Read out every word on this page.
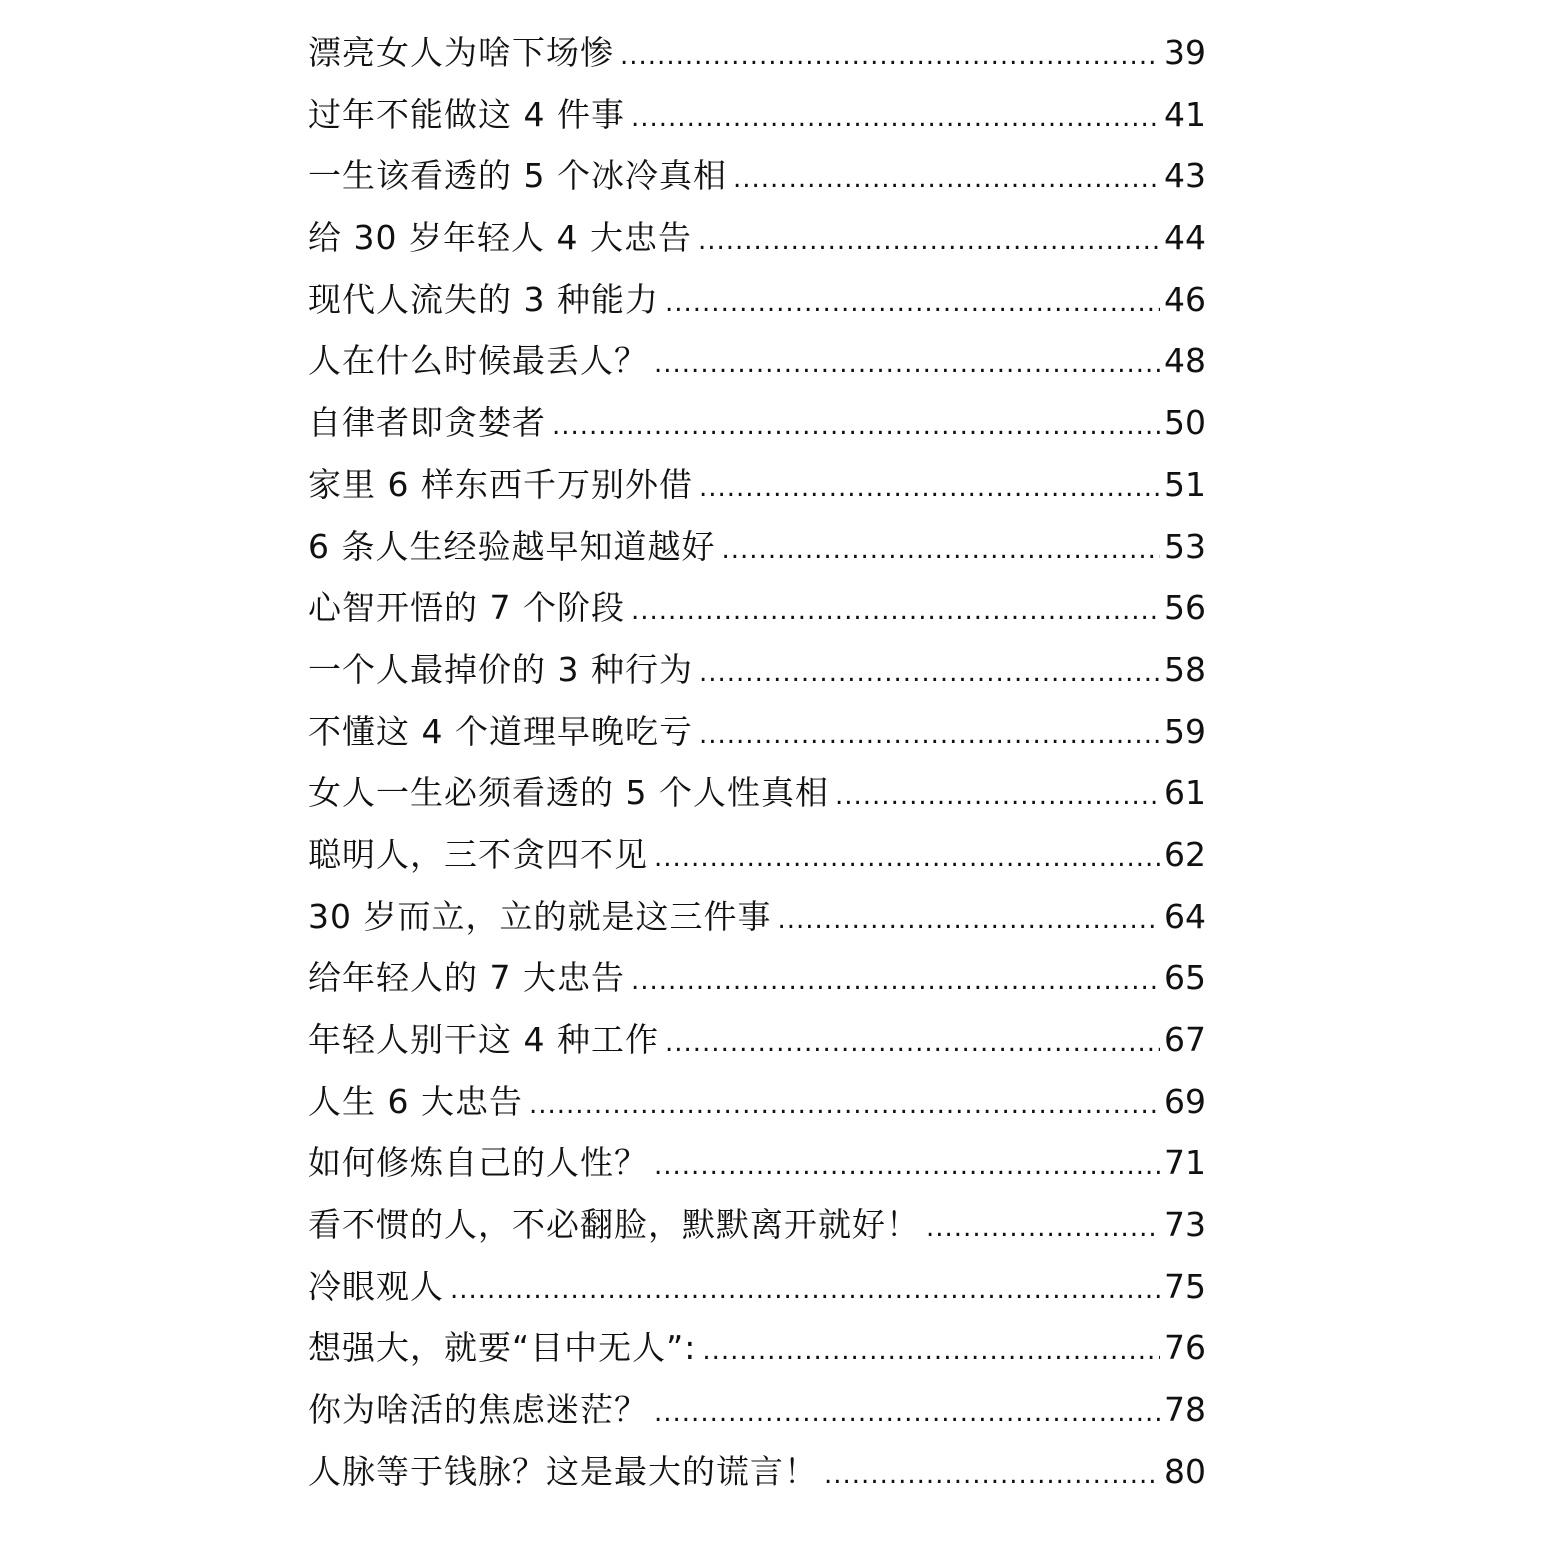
漂亮女人为啥下场惨 .....	39
过年不能做这 4 件事 .....	41
一生该看透的 5 个冰冷真相 .....	43
给 30 岁年轻人 4 大忠告 .....	44
现代人流失的 3 种能力 .....	46
人在什么时候最丢人？ .....	48
自律者即贪婪者 .....	50
家里 6 样东西千万别外借 .....	51
6 条人生经验越早知道越好 .....	53
心智开悟的 7 个阶段 .....	56
一个人最掉价的 3 种行为 .....	58
不懂这 4 个道理早晚吃亏 .....	59
女人一生必须看透的 5 个人性真相 .....	61
聪明人，三不贪四不见 .....	62
30 岁而立，立的就是这三件事 .....	64
给年轻人的 7 大忠告 .....	65
年轻人别干这 4 种工作 .....	67
人生 6 大忠告 .....	69
如何修炼自己的人性？ .....	71
看不惯的人，不必翻脸，默默离开就好！ .....	73
冷眼观人 .....	75
想强大，就要“目中无人”: .....	76
你为啥活的焦虑迷茫？ .....	78
人脉等于钱脉？这是最大的谎言！ .....	80
